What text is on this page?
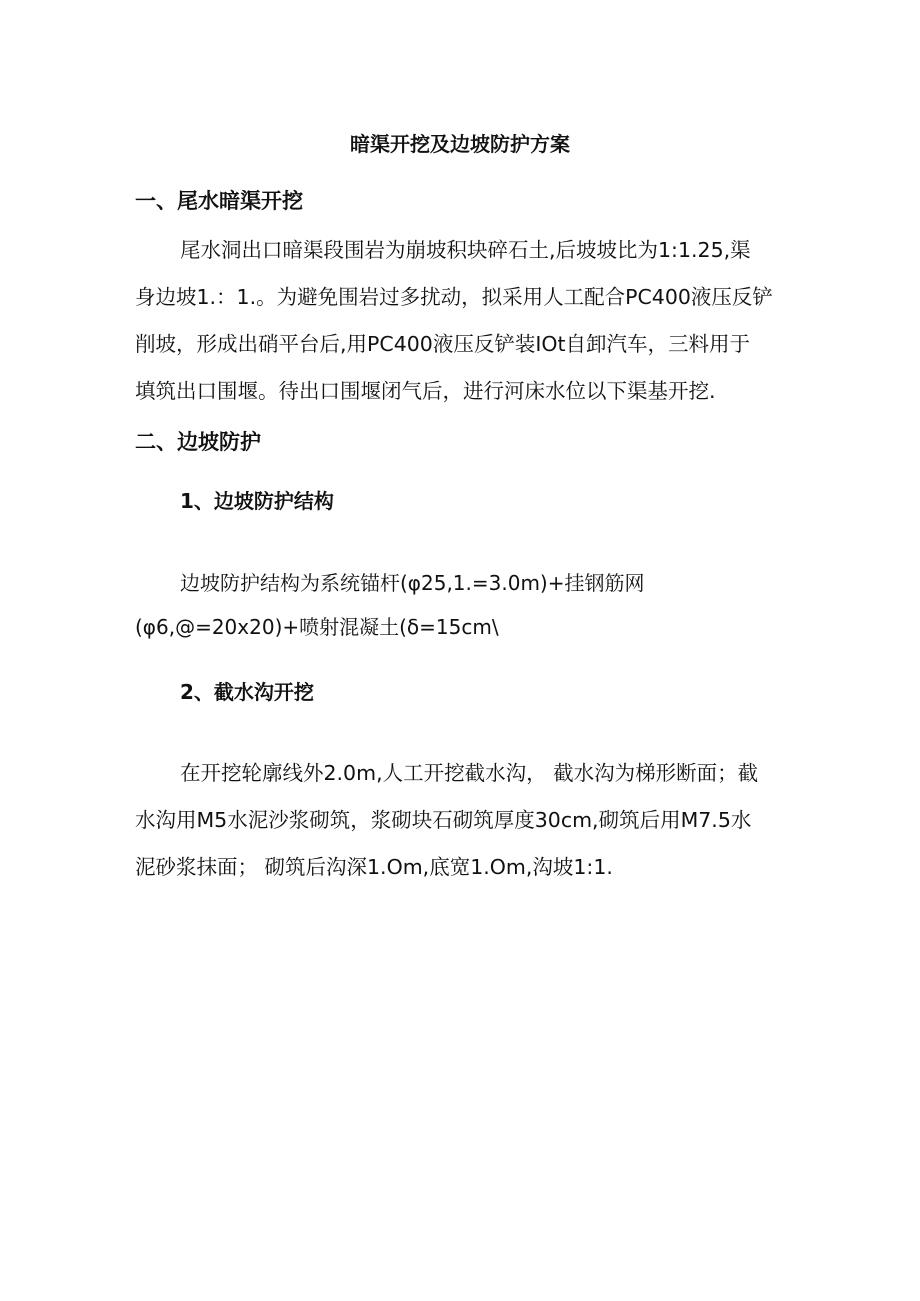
暗渠开挖及边坡防护方案
一、尾水暗渠开挖
尾水洞出口暗渠段围岩为崩坡积块碎石土,后坡坡比为1:1.25,渠
身边坡1.：1.。为避免围岩过多扰动，拟采用人工配合PC400液压反铲
削坡，形成出硝平台后,用PC400液压反铲装IOt自卸汽车，三料用于
填筑出口围堰。待出口围堰闭气后，进行河床水位以下渠基开挖.
二、边坡防护
1、边坡防护结构
边坡防护结构为系统锚杆(φ25,1.=3.0m)+挂钢筋网
(φ6,@=20x20)+喷射混凝土(δ=15cm\
2、截水沟开挖
在开挖轮廓线外2.0m,人工开挖截水沟， 截水沟为梯形断面；截
水沟用M5水泥沙浆砌筑，浆砌块石砌筑厚度30cm,砌筑后用M7.5水
泥砂浆抹面； 砌筑后沟深1.Om,底宽1.Om,沟坡1:1.
